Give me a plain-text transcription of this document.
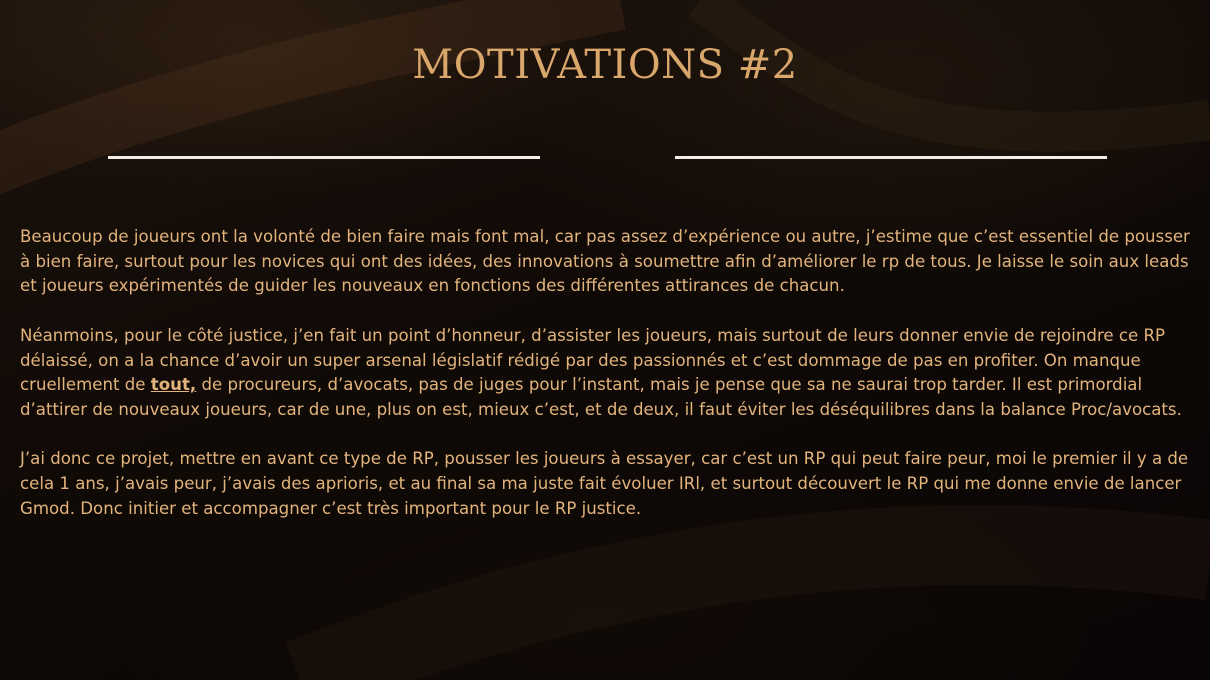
MOTIVATIONS #2

Beaucoup de joueurs ont la volonté de bien faire mais font mal, car pas assez d’expérience ou autre, j’estime que c’est essentiel de pousser à bien faire, surtout pour les novices qui ont des idées, des innovations à soumettre afin d’améliorer le rp de tous. Je laisse le soin aux leads et joueurs expérimentés de guider les nouveaux en fonctions des différentes attirances de chacun.

Néanmoins, pour le côté justice, j’en fait un point d’honneur, d’assister les joueurs, mais surtout de leurs donner envie de rejoindre ce RP délaissé, on a la chance d’avoir un super arsenal législatif rédigé par des passionnés et c’est dommage de pas en profiter. On manque cruellement de tout, de procureurs, d’avocats, pas de juges pour l’instant, mais je pense que sa ne saurai trop tarder. Il est primordial d’attirer de nouveaux joueurs, car de une, plus on est, mieux c’est, et de deux, il faut éviter les déséquilibres dans la balance Proc/avocats.

J’ai donc ce projet, mettre en avant ce type de RP, pousser les joueurs à essayer, car c’est un RP qui peut faire peur, moi le premier il y a de cela 1 ans, j’avais peur, j’avais des aprioris, et au final sa ma juste fait évoluer IRl, et surtout découvert le RP qui me donne envie de lancer Gmod. Donc initier et accompagner c’est très important pour le RP justice.
